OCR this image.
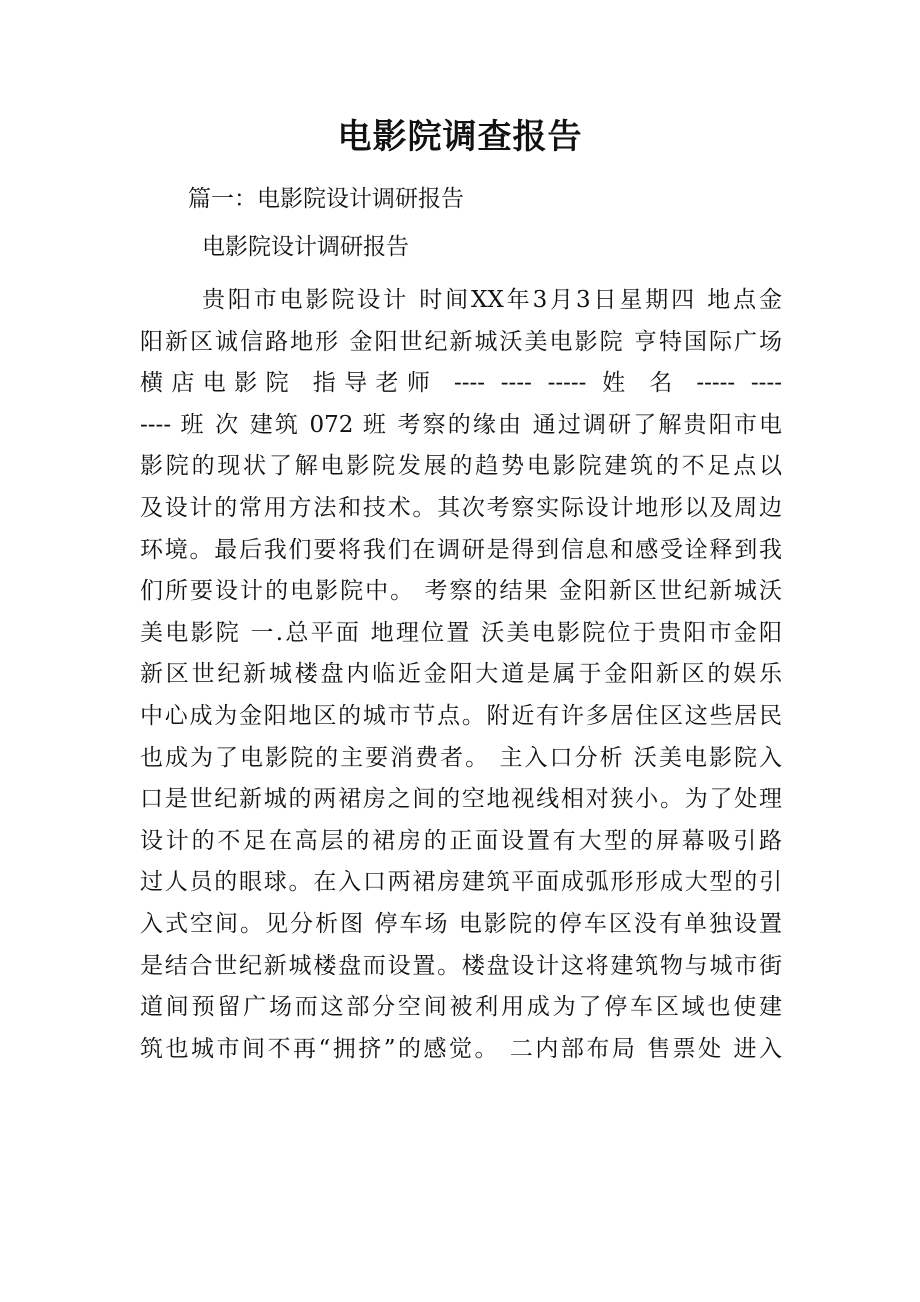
电影院调查报告
篇一：电影院设计调研报告
电影院设计调研报告
贵阳市电影院设计 时间XX年3月3日星期四 地点金
阳新区诚信路地形 金阳世纪新城沃美电影院 亨特国际广场
横店电影院 指导老师 ---- ---- ----- 姓 名 ----- ----
---- 班 次 建筑 072 班 考察的缘由 通过调研了解贵阳市电
影院的现状了解电影院发展的趋势电影院建筑的不足点以
及设计的常用方法和技术。其次考察实际设计地形以及周边
环境。最后我们要将我们在调研是得到信息和感受诠释到我
们所要设计的电影院中。 考察的结果 金阳新区世纪新城沃
美电影院 一.总平面 地理位置 沃美电影院位于贵阳市金阳
新区世纪新城楼盘内临近金阳大道是属于金阳新区的娱乐
中心成为金阳地区的城市节点。附近有许多居住区这些居民
也成为了电影院的主要消费者。 主入口分析 沃美电影院入
口是世纪新城的两裙房之间的空地视线相对狭小。为了处理
设计的不足在高层的裙房的正面设置有大型的屏幕吸引路
过人员的眼球。在入口两裙房建筑平面成弧形形成大型的引
入式空间。见分析图 停车场 电影院的停车区没有单独设置
是结合世纪新城楼盘而设置。楼盘设计这将建筑物与城市街
道间预留广场而这部分空间被利用成为了停车区域也使建
筑也城市间不再“拥挤”的感觉。 二内部布局 售票处 进入
